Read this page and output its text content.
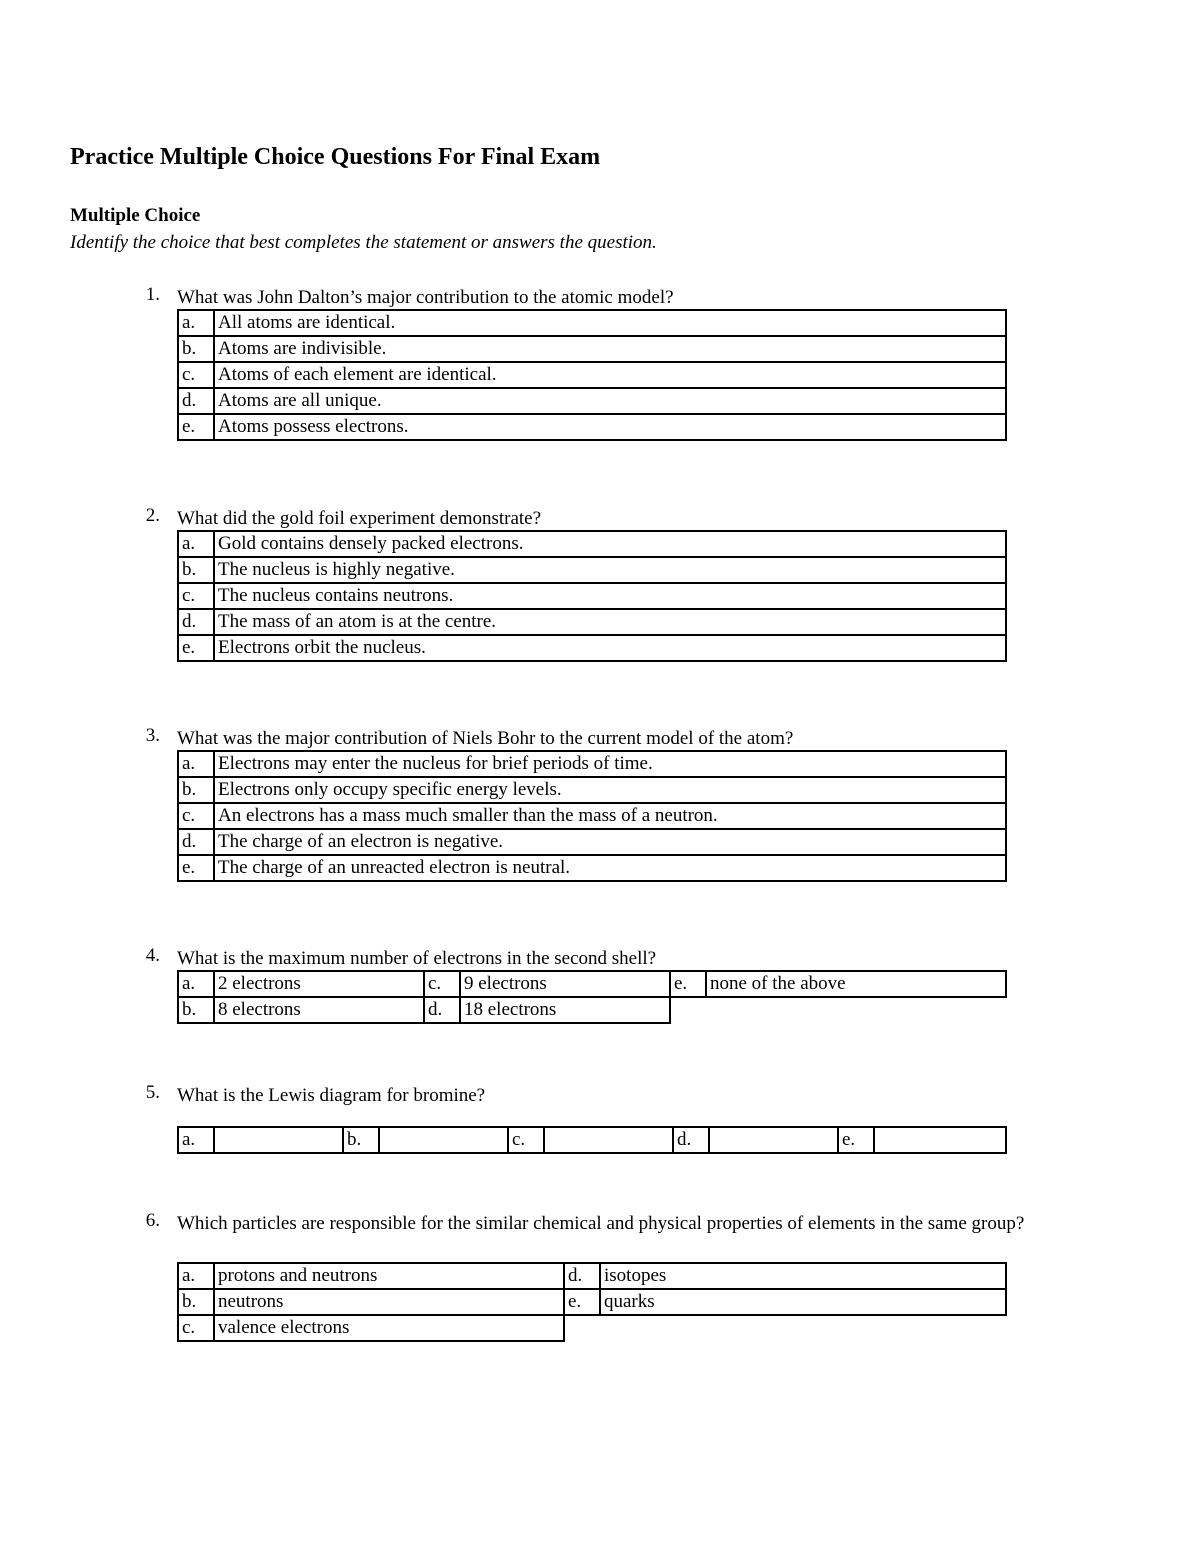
Practice Multiple Choice Questions For Final Exam
Multiple Choice
Identify the choice that best completes the statement or answers the question.
1. What was John Dalton’s major contribution to the atomic model?
a.	All atoms are identical.
b.	Atoms are indivisible.
c.	Atoms of each element are identical.
d.	Atoms are all unique.
e.	Atoms possess electrons.
2. What did the gold foil experiment demonstrate?
a.	Gold contains densely packed electrons.
b.	The nucleus is highly negative.
c.	The nucleus contains neutrons.
d.	The mass of an atom is at the centre.
e.	Electrons orbit the nucleus.
3. What was the major contribution of Niels Bohr to the current model of the atom?
a.	Electrons may enter the nucleus for brief periods of time.
b.	Electrons only occupy specific energy levels.
c.	An electrons has a mass much smaller than the mass of a neutron.
d.	The charge of an electron is negative.
e.	The charge of an unreacted electron is neutral.
4. What is the maximum number of electrons in the second shell?
a.	2 electrons	c.	9 electrons	e.	none of the above
b.	8 electrons	d.	18 electrons		
5. What is the Lewis diagram for bromine?
a.		b.		c.		d.		e.	
6. Which particles are responsible for the similar chemical and physical properties of elements in the same group?
a.	protons and neutrons	d.	isotopes
b.	neutrons	e.	quarks
c.	valence electrons		
